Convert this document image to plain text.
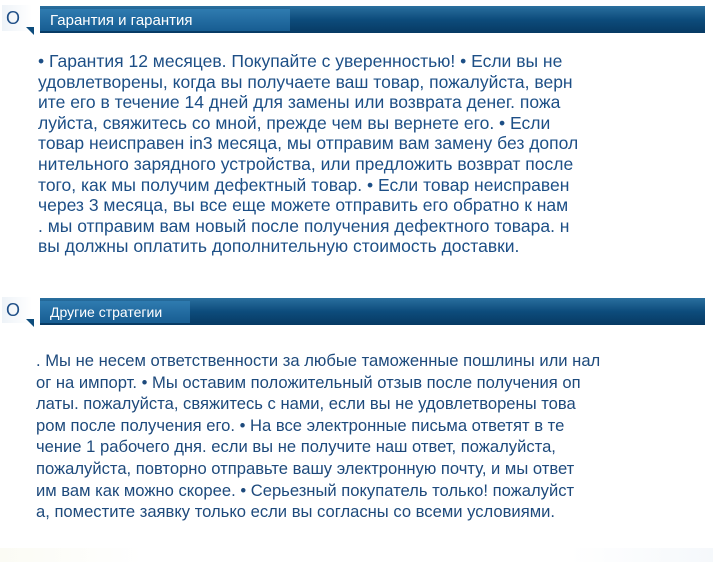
O Гарантия и гарантия
• Гарантия 12 месяцев. Покупайте с уверенностью! • Если вы не
удовлетворены, когда вы получаете ваш товар, пожалуйста, верн
ите его в течение 14 дней для замены или возврата денег. пожа
луйста, свяжитесь со мной, прежде чем вы вернете его. • Если
товар неисправен in3 месяца, мы отправим вам замену без допол
нительного зарядного устройства, или предложить возврат после
того, как мы получим дефектный товар. • Если товар неисправен
через 3 месяца, вы все еще можете отправить его обратно к нам
. мы отправим вам новый после получения дефектного товара. н
вы должны оплатить дополнительную стоимость доставки.
O Другие стратегии
. Мы не несем ответственности за любые таможенные пошлины или нал
ог на импорт. • Мы оставим положительный отзыв после получения оп
латы. пожалуйста, свяжитесь с нами, если вы не удовлетворены това
ром после получения его. • На все электронные письма ответят в те
чение 1 рабочего дня. если вы не получите наш ответ, пожалуйста,
пожалуйста, повторно отправьте вашу электронную почту, и мы ответ
им вам как можно скорее. • Серьезный покупатель только! пожалуйст
а, поместите заявку только если вы согласны со всеми условиями.
